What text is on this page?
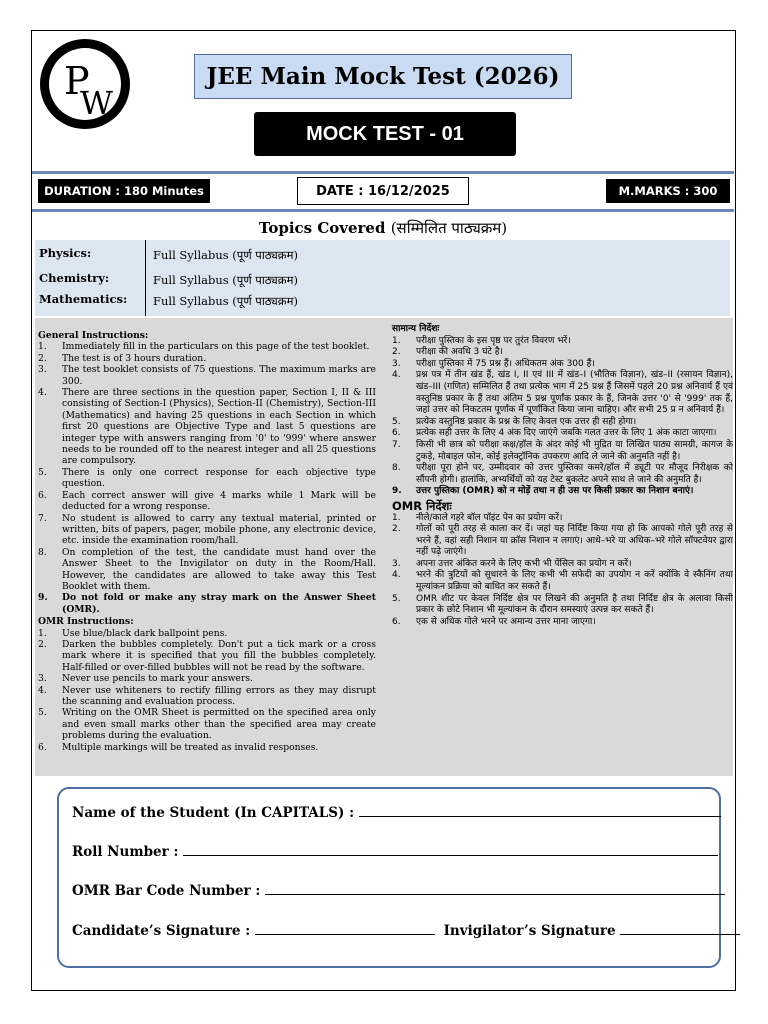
P
W
JEE Main Mock Test (2026)
MOCK TEST - 01
DURATION : 180 Minutes	DATE : 16/12/2025	M.MARKS : 300
Topics Covered (सम्मिलित पाठ्यक्रम)
Physics:	Full Syllabus (पूर्ण पाठ्यक्रम)
Chemistry:	Full Syllabus (पूर्ण पाठ्यक्रम)
Mathematics: Full Syllabus (पूर्ण पाठ्यक्रम)
General Instructions:
1.	Immediately fill in the particulars on this page of the test booklet.
2.	The test is of 3 hours duration.
3.	The test booklet consists of 75 questions. The maximum marks are 300.
4.	There are three sections in the question paper, Section I, II & III consisting of Section-I (Physics), Section-II (Chemistry), Section-III (Mathematics) and having 25 questions in each Section in which first 20 questions are Objective Type and last 5 questions are integer type with answers ranging from '0' to '999' where answer needs to be rounded off to the nearest integer and all 25 questions are compulsory.
5.	There is only one correct response for each objective type question.
6.	Each correct answer will give 4 marks while 1 Mark will be deducted for a wrong response.
7.	No student is allowed to carry any textual material, printed or written, bits of papers, pager, mobile phone, any electronic device, etc. inside the examination room/hall.
8.	On completion of the test, the candidate must hand over the Answer Sheet to the Invigilator on duty in the Room/Hall. However, the candidates are allowed to take away this Test Booklet with them.
9.	Do not fold or make any stray mark on the Answer Sheet (OMR).
OMR Instructions:
1.	Use blue/black dark ballpoint pens.
2.	Darken the bubbles completely. Don't put a tick mark or a cross mark where it is specified that you fill the bubbles completely. Half-filled or over-filled bubbles will not be read by the software.
3.	Never use pencils to mark your answers.
4.	Never use whiteners to rectify filling errors as they may disrupt the scanning and evaluation process.
5.	Writing on the OMR Sheet is permitted on the specified area only and even small marks other than the specified area may create problems during the evaluation.
6.	Multiple markings will be treated as invalid responses.
सामान्य निर्देशः
1.	परीक्षा पुस्तिका के इस पृष्ठ पर तुरंत विवरण भरें।
2.	परीक्षा की अवधि 3 घंटे है।
3.	परीक्षा पुस्तिका में 75 प्रश्न हैं। अधिकतम अंक 300 हैं।
4.	प्रश्न पत्र में तीन खंड हैं, खंड I, II एवं III में खंड–I (भौतिक विज्ञान), खंड–II (रसायन विज्ञान), खंड–III (गणित) सम्मिलित हैं तथा प्रत्येक भाग में 25 प्रश्न हैं जिसमें पहले 20 प्रश्न अनिवार्य हैं एवं वस्तुनिष्ठ प्रकार के हैं तथा अंतिम 5 प्रश्न पूर्णांक प्रकार के हैं, जिनके उत्तर '0' से '999' तक हैं, जहां उत्तर को निकटतम पूर्णांक में पूर्णांकित किया जाना चाहिए। और सभी 25 प्र न अनिवार्य हैं।
5.	प्रत्येक वस्तुनिष्ठ प्रकार के प्रश्न के लिए केवल एक उत्तर ही सही होगा।
6.	प्रत्येक सही उत्तर के लिए 4 अंक दिए जाएंगे जबकि गलत उत्तर के लिए 1 अंक काटा जाएगा।
7.	किसी भी छात्र को परीक्षा कक्ष/हॉल के अंदर कोई भी मुद्रित या लिखित पाठ्य सामग्री, कागज के टुकड़े, मोबाइल फोन, कोई इलेक्ट्रॉनिक उपकरण आदि ले जाने की अनुमति नहीं है।
8.	परीक्षा पूरा होने पर, उम्मीदवार को उत्तर पुस्तिका कमरे/हॉल में ड्यूटी पर मौजूद निरीक्षक को सौंपनी होगी। हालांकि, अभ्यर्थियों को यह टेस्ट बुकलेट अपने साथ ले जाने की अनुमति है।
9.	उत्तर पुस्तिका (OMR) को न मोड़ें तथा न ही उस पर किसी प्रकार का निशान बनाएं।
OMR निर्देशः
1.	नीले/काले गहरे बॉल पॉइंट पेन का प्रयोग करें।
2.	गोलों को पूरी तरह से काला कर दें। जहां यह निर्दिष्ट किया गया हो कि आपको गोले पूरी तरह से भरने हैं, वहां सही निशान या क्रॉस निशान न लगाएं। आधे–भरे या अधिक–भरे गोले सॉफ्टवेयर द्वारा नहीं पढ़े जाएंगे।
3.	अपना उत्तर अंकित करने के लिए कभी भी पेंसिल का प्रयोग न करें।
4.	भरने की त्रुटियों को सुधारने के लिए कभी भी सफेदी का उपयोग न करें क्योंकि वे स्कैनिंग तथा मूल्यांकन प्रक्रिया को बाधित कर सकते हैं।
5.	OMR शीट पर केवल निर्दिष्ट क्षेत्र पर लिखने की अनुमति है तथा निर्दिष्ट क्षेत्र के अलावा किसी प्रकार के छोटे निशान भी मूल्यांकन के दौरान समस्याएं उत्पन्न कर सकते हैं।
6.	एक से अधिक गोले भरने पर अमान्य उत्तर माना जाएगा।
Name of the Student (In CAPITALS) :
Roll Number :
OMR Bar Code Number :
Candidate’s Signature :	Invigilator’s Signature
